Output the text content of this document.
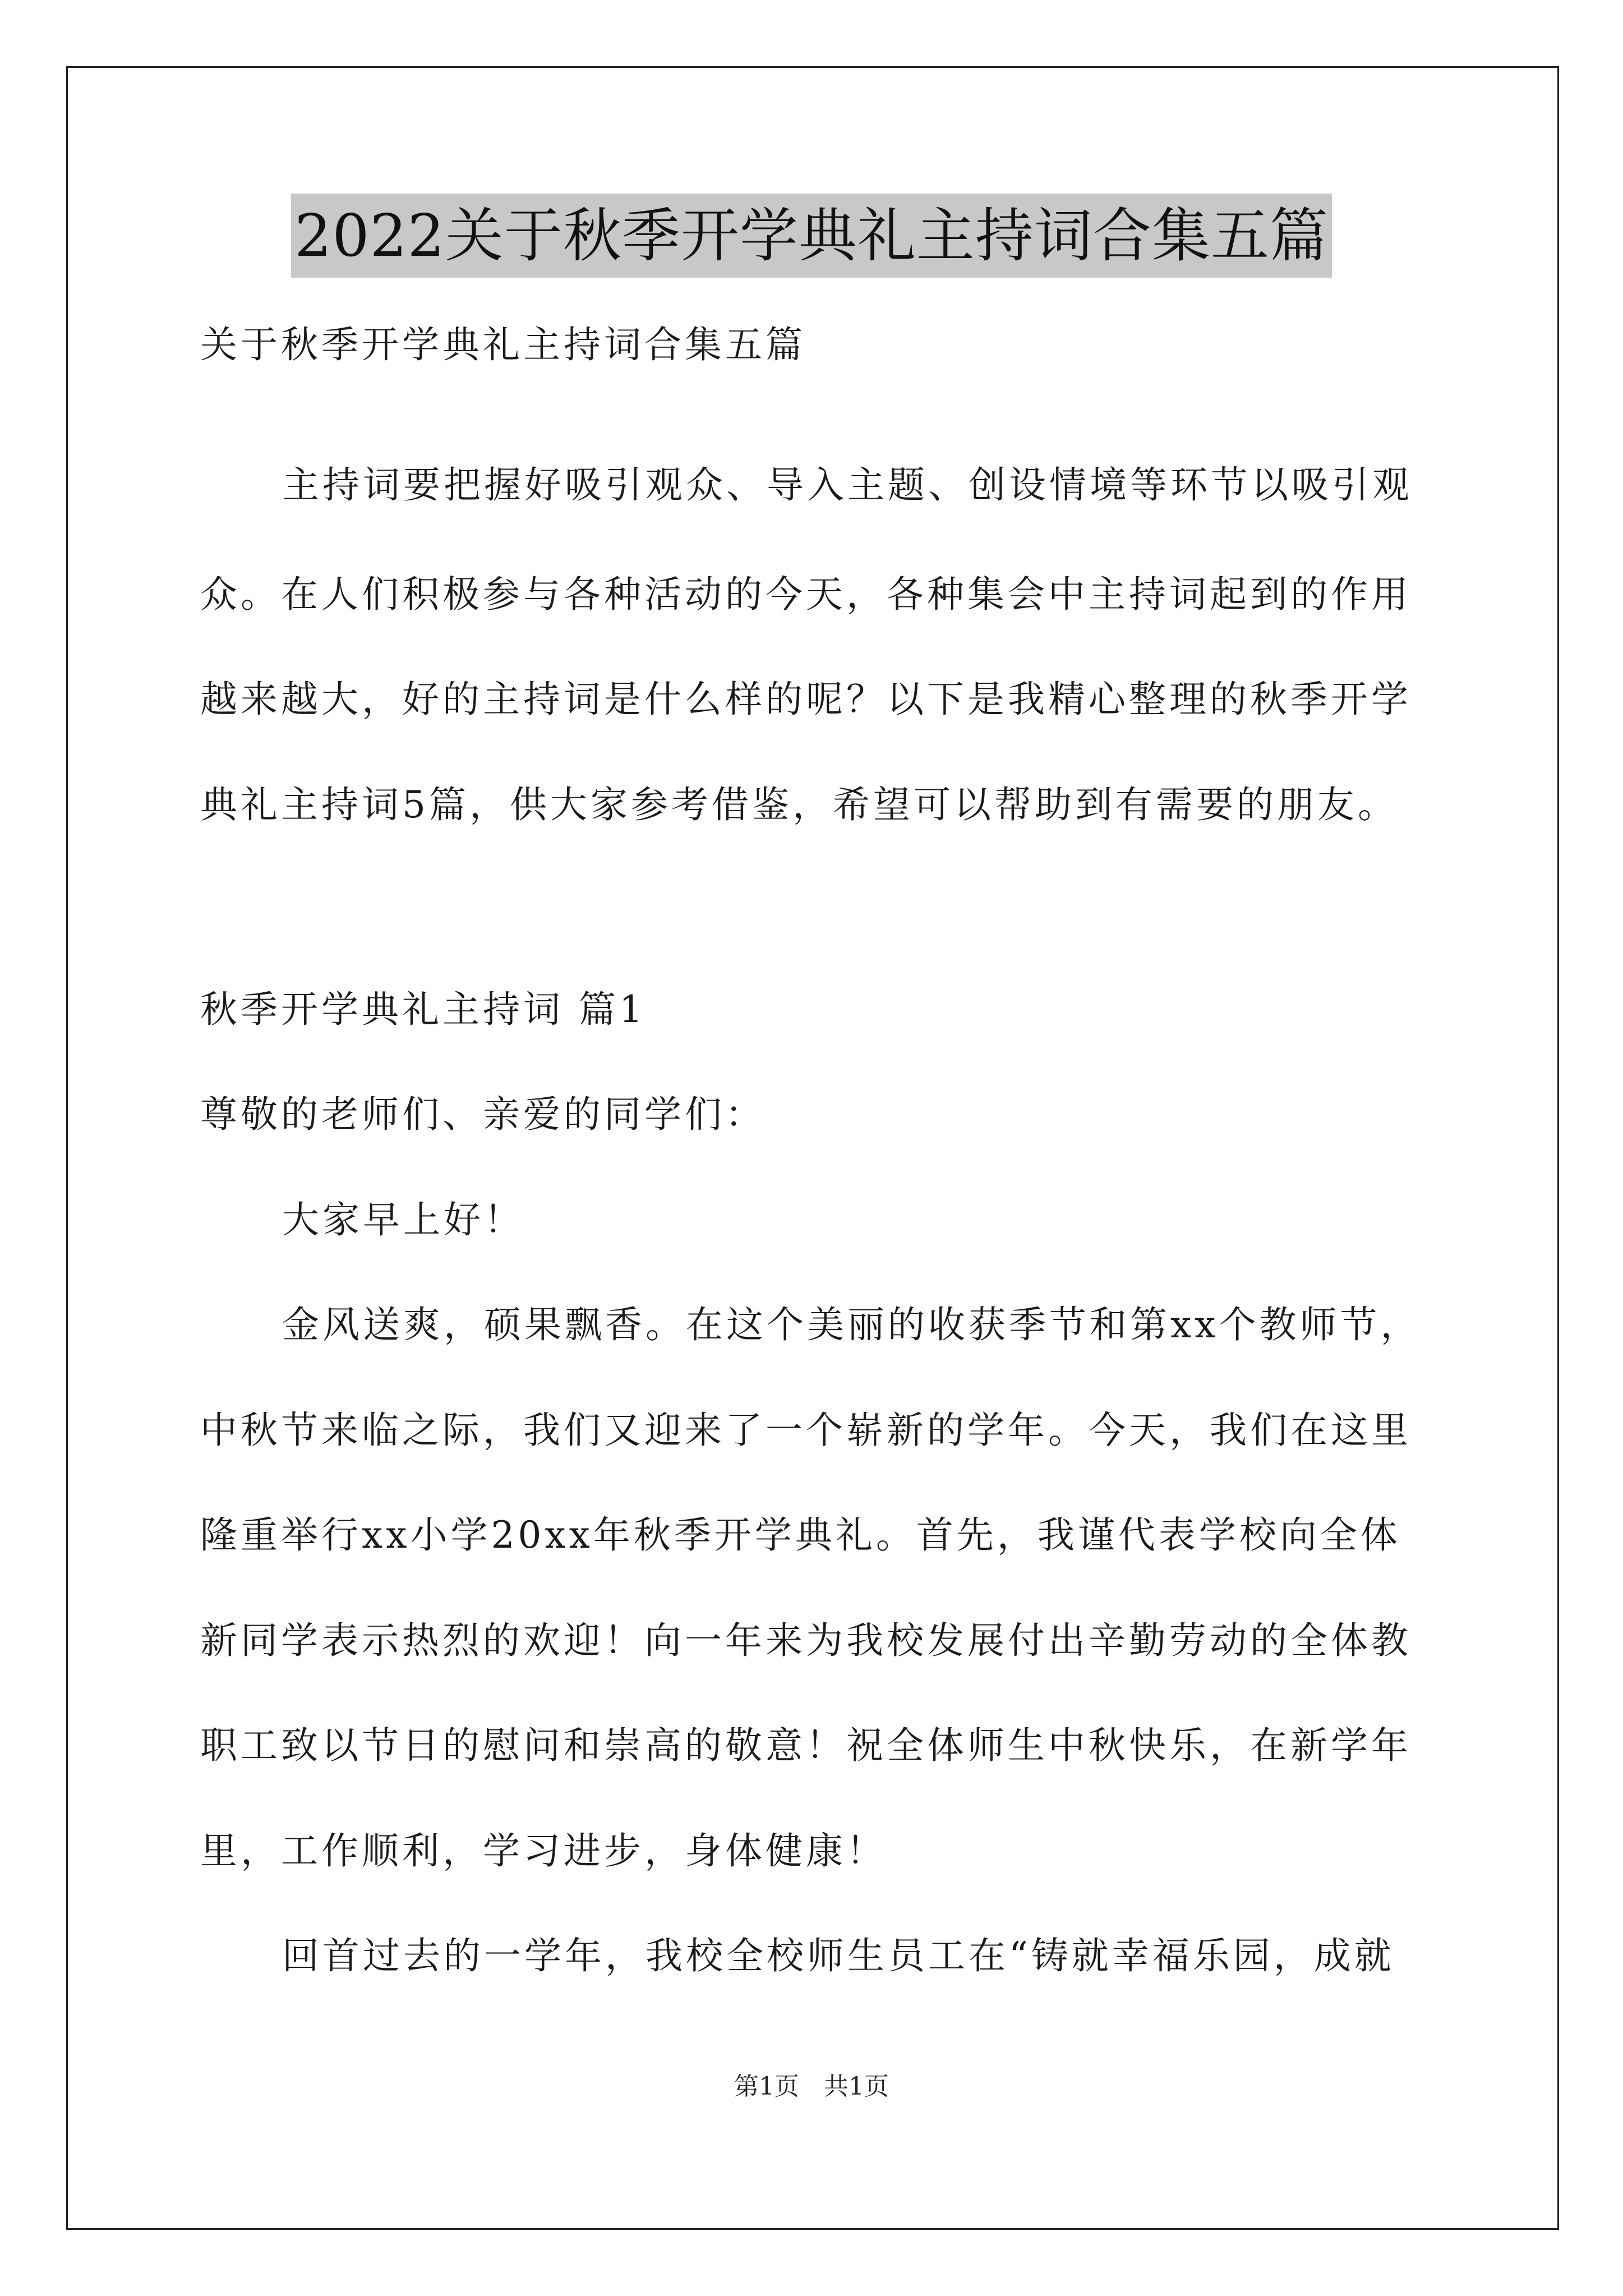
2022关于秋季开学典礼主持词合集五篇
关于秋季开学典礼主持词合集五篇
主持词要把握好吸引观众、导入主题、创设情境等环节以吸引观
众。在人们积极参与各种活动的今天，各种集会中主持词起到的作用
越来越大，好的主持词是什么样的呢？以下是我精心整理的秋季开学
典礼主持词5篇，供大家参考借鉴，希望可以帮助到有需要的朋友。
秋季开学典礼主持词 篇1
尊敬的老师们、亲爱的同学们：
大家早上好！
金风送爽，硕果飘香。在这个美丽的收获季节和第xx个教师节，
中秋节来临之际，我们又迎来了一个崭新的学年。今天，我们在这里
隆重举行xx小学20xx年秋季开学典礼。首先，我谨代表学校向全体
新同学表示热烈的欢迎！向一年来为我校发展付出辛勤劳动的全体教
职工致以节日的慰问和崇高的敬意！祝全体师生中秋快乐，在新学年
里，工作顺利，学习进步，身体健康！
回首过去的一学年，我校全校师生员工在“铸就幸福乐园，成就
第1页 共1页
